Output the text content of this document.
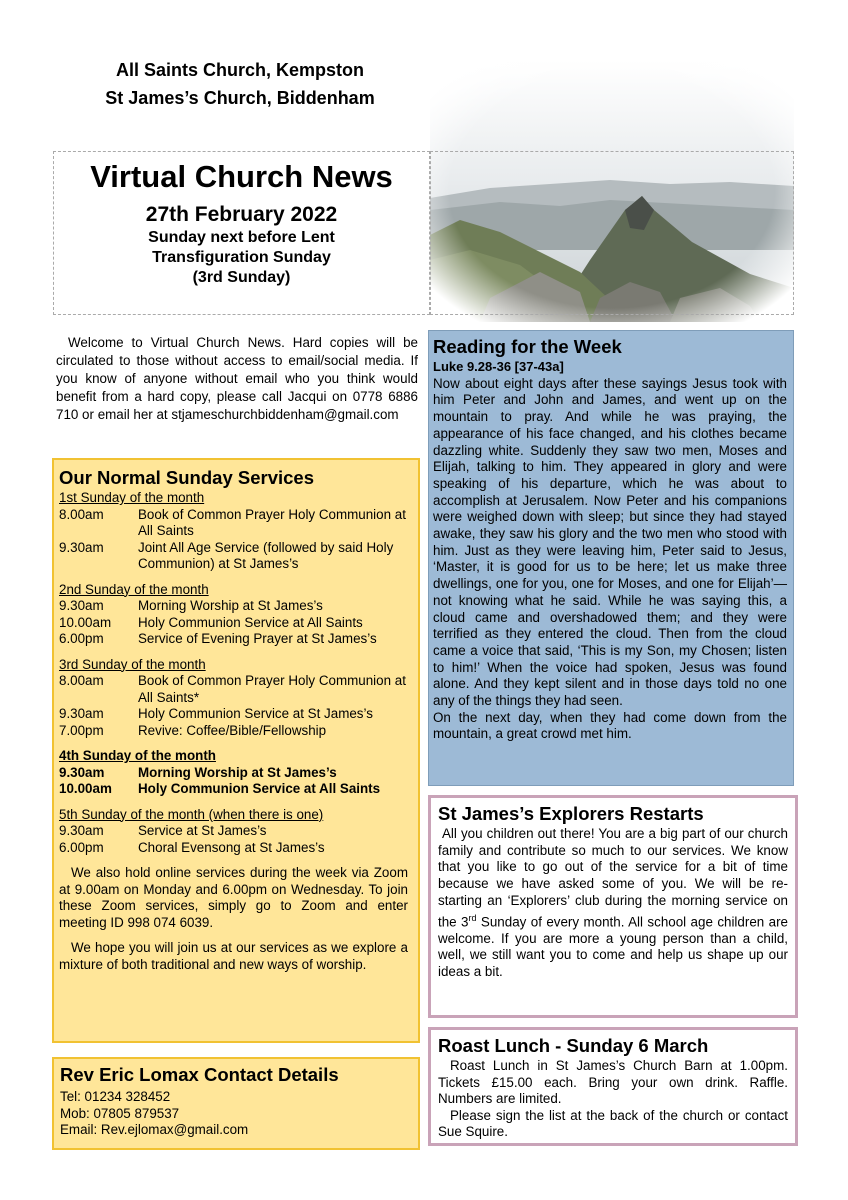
All Saints Church, Kempston
St James’s Church, Biddenham
Virtual Church News
27th February 2022
Sunday next before Lent
Transfiguration Sunday
(3rd Sunday)
Welcome to Virtual Church News. Hard copies will be circulated to those without access to email/social media. If you know of anyone without email who you think would benefit from a hard copy, please call Jacqui on 0778 6886 710 or email her at stjameschurchbiddenham@gmail.com
Our Normal Sunday Services
1st Sunday of the month
8.00am	Book of Common Prayer Holy Communion at All Saints
9.30am	Joint All Age Service (followed by said Holy Communion) at St James’s
2nd Sunday of the month
9.30am	Morning Worship at St James’s
10.00am	Holy Communion Service at All Saints
6.00pm	Service of Evening Prayer at St James’s
3rd Sunday of the month
8.00am	Book of Common Prayer Holy Communion at All Saints*
9.30am	Holy Communion Service at St James’s
7.00pm	Revive: Coffee/Bible/Fellowship
4th Sunday of the month
9.30am	Morning Worship at St James’s
10.00am	Holy Communion Service at All Saints
5th Sunday of the month (when there is one)
9.30am	Service at St James’s
6.00pm	Choral Evensong at St James’s
We also hold online services during the week via Zoom at 9.00am on Monday and 6.00pm on Wednesday. To join these Zoom services, simply go to Zoom and enter meeting ID 998 074 6039.
We hope you will join us at our services as we explore a mixture of both traditional and new ways of worship.
Rev Eric Lomax Contact Details
Tel: 01234 328452
Mob: 07805 879537
Email: Rev.ejlomax@gmail.com
Reading for the Week
Luke 9.28-36 [37-43a]
Now about eight days after these sayings Jesus took with him Peter and John and James, and went up on the mountain to pray. And while he was praying, the appearance of his face changed, and his clothes became dazzling white. Suddenly they saw two men, Moses and Elijah, talking to him. They appeared in glory and were speaking of his departure, which he was about to accomplish at Jerusalem. Now Peter and his companions were weighed down with sleep; but since they had stayed awake, they saw his glory and the two men who stood with him. Just as they were leaving him, Peter said to Jesus, ‘Master, it is good for us to be here; let us make three dwellings, one for you, one for Moses, and one for Elijah’—not knowing what he said. While he was saying this, a cloud came and overshadowed them; and they were terrified as they entered the cloud. Then from the cloud came a voice that said, ‘This is my Son, my Chosen; listen to him!’ When the voice had spoken, Jesus was found alone. And they kept silent and in those days told no one any of the things they had seen.
On the next day, when they had come down from the mountain, a great crowd met him.
St James’s Explorers Restarts
All you children out there! You are a big part of our church family and contribute so much to our services. We know that you like to go out of the service for a bit of time because we have asked some of you. We will be re-starting an ‘Explorers’ club during the morning service on the 3rd Sunday of every month. All school age children are welcome. If you are more a young person than a child, well, we still want you to come and help us shape up our ideas a bit.
Roast Lunch - Sunday 6 March
Roast Lunch in St James’s Church Barn at 1.00pm. Tickets £15.00 each. Bring your own drink. Raffle. Numbers are limited.
Please sign the list at the back of the church or contact Sue Squire.
